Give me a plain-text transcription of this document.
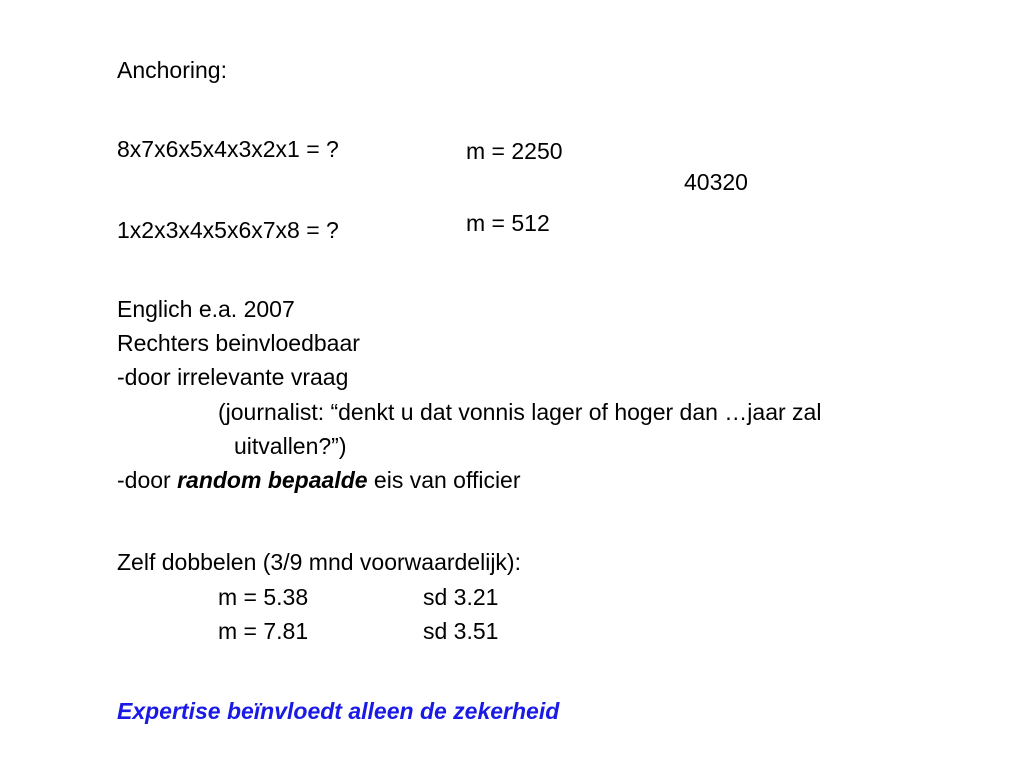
Anchoring:

8x7x6x5x4x3x2x1 = ?	m = 2250

40320

m = 512

1x2x3x4x5x6x7x8 = ?

Englich e.a. 2007

Rechters beinvloedbaar

-door irrelevante vraag

(journalist: “denkt u dat vonnis lager of hoger dan …jaar zal

uitvallen?”)

-door random bepaalde eis van officier

Zelf dobbelen (3/9 mnd voorwaardelijk):

m = 5.38	sd 3.21

m = 7.81	sd 3.51

Expertise beïnvloedt alleen de zekerheid
